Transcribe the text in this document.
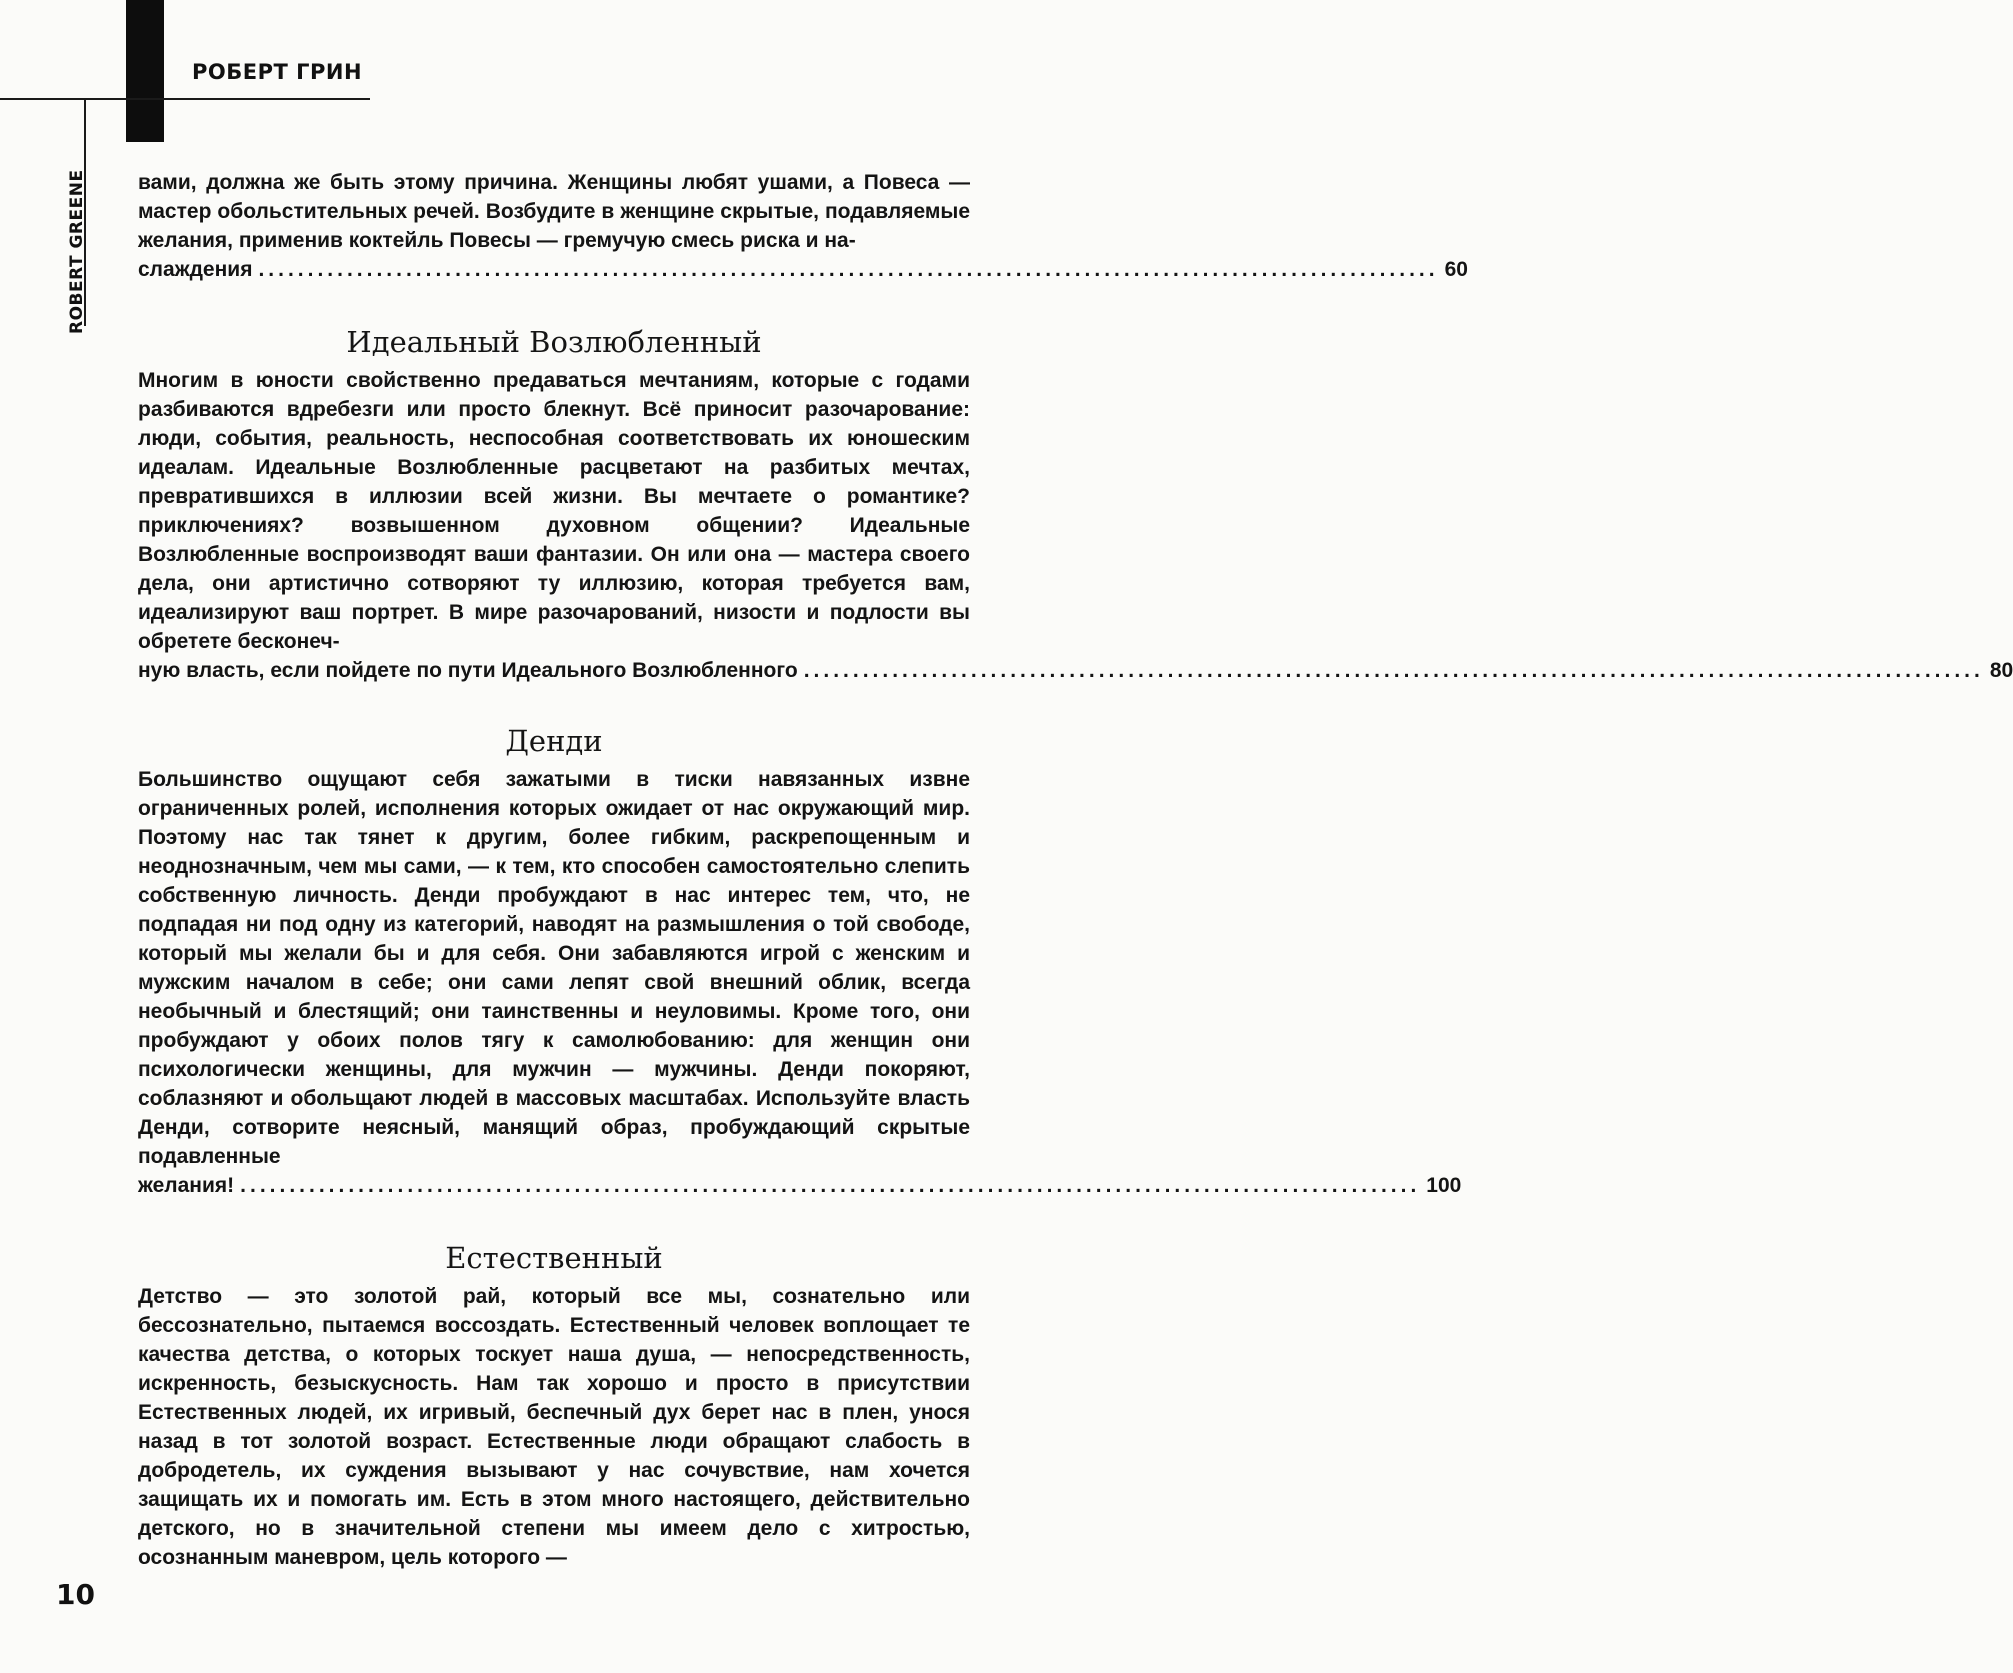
РОБЕРТ ГРИН
ROBERT GREENE вами, должна же быть этому причина. Женщины любят ушами, а Повеса — мастер обольстительных речей. Возбудите в женщине скрытые, подавляемые желания, применив коктейль Повесы — гремучую смесь риска и на-

слаждения ........................................................................................................................ 60
Идеальный Возлюбленный

Многим в юности свойственно предаваться мечтаниям, которые с годами разбиваются вдребезги или просто блекнут. Всё приносит разочарование: люди, события, реальность, неспособная соответствовать их юношеским идеалам. Идеальные Возлюбленные расцветают на разбитых мечтах, превратившихся в иллюзии всей жизни. Вы мечтаете о романтике? приключениях? возвышенном духовном общении? Идеальные Возлюбленные воспроизводят ваши фантазии. Он или она — мастера своего дела, они артистично сотворяют ту иллюзию, которая требуется вам, идеализируют ваш портрет. В мире разочарований, низости и подлости вы обретете бесконеч-

ную власть, если пойдете по пути Идеального Возлюбленного ........................................................................................................................ 80
Денди

Большинство ощущают себя зажатыми в тиски навязанных извне ограниченных ролей, исполнения которых ожидает от нас окружающий мир. Поэтому нас так тянет к другим, более гибким, раскрепощенным и неоднозначным, чем мы сами, — к тем, кто способен самостоятельно слепить собственную личность. Денди пробуждают в нас интерес тем, что, не подпадая ни под одну из категорий, наводят на размышления о той свободе, который мы желали бы и для себя. Они забавляются игрой с женским и мужским началом в себе; они сами лепят свой внешний облик, всегда необычный и блестящий; они таинственны и неуловимы. Кроме того, они пробуждают у обоих полов тягу к самолюбованию: для женщин они психологически женщины, для мужчин — мужчины. Денди покоряют, соблазняют и обольщают людей в массовых масштабах. Используйте власть Денди, сотворите неясный, манящий образ, пробуждающий скрытые подавленные

желания! ........................................................................................................................ 100
Естественный

Детство — это золотой рай, который все мы, сознательно или бессознательно, пытаемся воссоздать. Естественный человек воплощает те качества детства, о которых тоскует наша душа, — непосредственность, искренность, безыскусность. Нам так хорошо и просто в присутствии Естественных людей, их игривый, беспечный дух берет нас в плен, унося назад в тот золотой возраст. Естественные люди обращают слабость в добродетель, их суждения вызывают у нас сочувствие, нам хочется защищать их и помогать им. Есть в этом много настоящего, действительно детского, но в значительной степени мы имеем дело с хитростью, осознанным маневром, цель которого —

10
